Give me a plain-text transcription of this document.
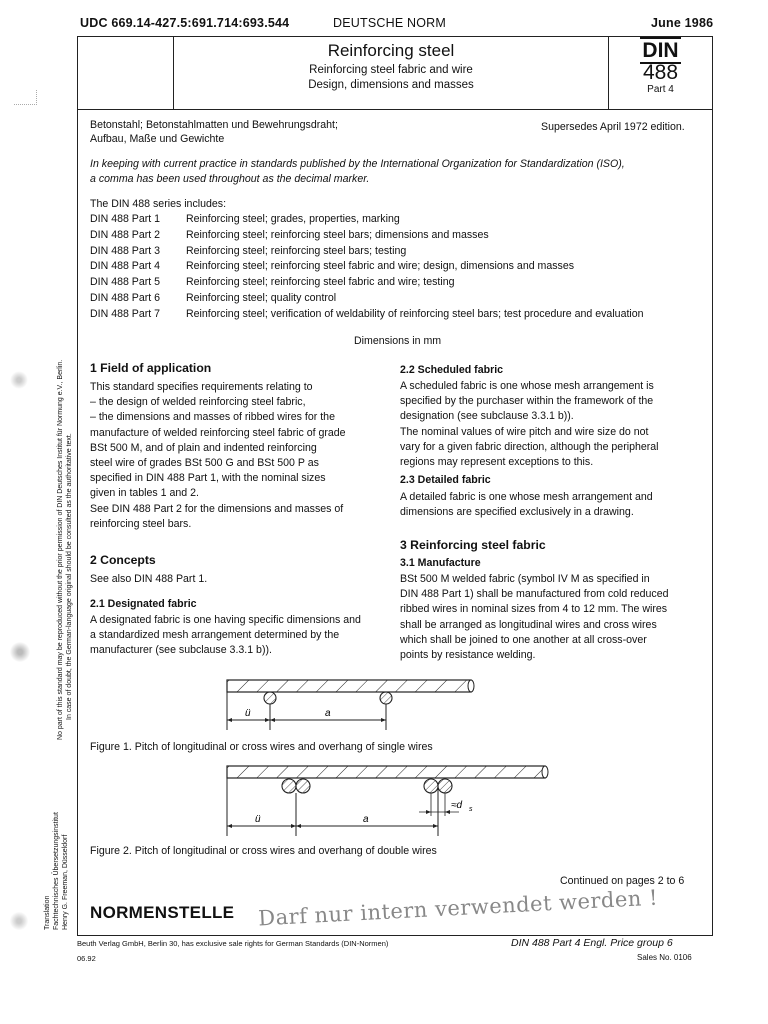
UDC 669.14-427.5:691.714:693.544	DEUTSCHE NORM	June 1986
Reinforcing steel
Reinforcing steel fabric and wire
Design, dimensions and masses
DIN
488
Part 4
Betonstahl; Betonstahlmatten und Bewehrungsdraht;
Aufbau, Maße und Gewichte
Supersedes April 1972 edition.
In keeping with current practice in standards published by the International Organization for Standardization (ISO),
a comma has been used throughout as the decimal marker.
The DIN 488 series includes:
DIN 488 Part 1 Reinforcing steel; grades, properties, marking
DIN 488 Part 2 Reinforcing steel; reinforcing steel bars; dimensions and masses
DIN 488 Part 3 Reinforcing steel; reinforcing steel bars; testing
DIN 488 Part 4 Reinforcing steel; reinforcing steel fabric and wire; design, dimensions and masses
DIN 488 Part 5 Reinforcing steel; reinforcing steel fabric and wire; testing
DIN 488 Part 6 Reinforcing steel; quality control
DIN 488 Part 7 Reinforcing steel; verification of weldability of reinforcing steel bars; test procedure and evaluation
Dimensions in mm
1 Field of application
This standard specifies requirements relating to
– the design of welded reinforcing steel fabric,
– the dimensions and masses of ribbed wires for the
manufacture of welded reinforcing steel fabric of grade
BSt 500 M, and of plain and indented reinforcing
steel wire of grades BSt 500 G and BSt 500 P as
specified in DIN 488 Part 1, with the nominal sizes
given in tables 1 and 2.
See DIN 488 Part 2 for the dimensions and masses of
reinforcing steel bars.
2 Concepts
See also DIN 488 Part 1.
2.1 Designated fabric
A designated fabric is one having specific dimensions and
a standardized mesh arrangement determined by the
manufacturer (see subclause 3.3.1 b)).
2.2 Scheduled fabric
A scheduled fabric is one whose mesh arrangement is
specified by the purchaser within the framework of the
designation (see subclause 3.3.1 b)).
The nominal values of wire pitch and wire size do not
vary for a given fabric direction, although the peripheral
regions may represent exceptions to this.
2.3 Detailed fabric
A detailed fabric is one whose mesh arrangement and
dimensions are specified exclusively in a drawing.
3 Reinforcing steel fabric
3.1 Manufacture
BSt 500 M welded fabric (symbol IV M as specified in
DIN 488 Part 1) shall be manufactured from cold reduced
ribbed wires in nominal sizes from 4 to 12 mm. The wires
shall be arranged as longitudinal wires and cross wires
which shall be joined to one another at all cross-over
points by resistance welding.
ü	a
Figure 1. Pitch of longitudinal or cross wires and overhang of single wires
ü	a
≈d s
Figure 2. Pitch of longitudinal or cross wires and overhang of double wires
Continued on pages 2 to 6
NORMENSTELLE Darf nur intern verwendet werden !
Beuth Verlag GmbH, Berlin 30, has exclusive sale rights for German Standards (DIN-Normen)	DIN 488 Part 4 Engl. Price group 6
06.92	Sales No. 0106
No part of this standard may be reproduced without the prior permission of DIN Deutsches Institut für Normung e.V., Berlin. In case of doubt, the German-language original should be consulted as the authoritative text.
Translation Fachtechnisches Übersetzungsinstitut Henry G. Freeman, Düsseldorf
